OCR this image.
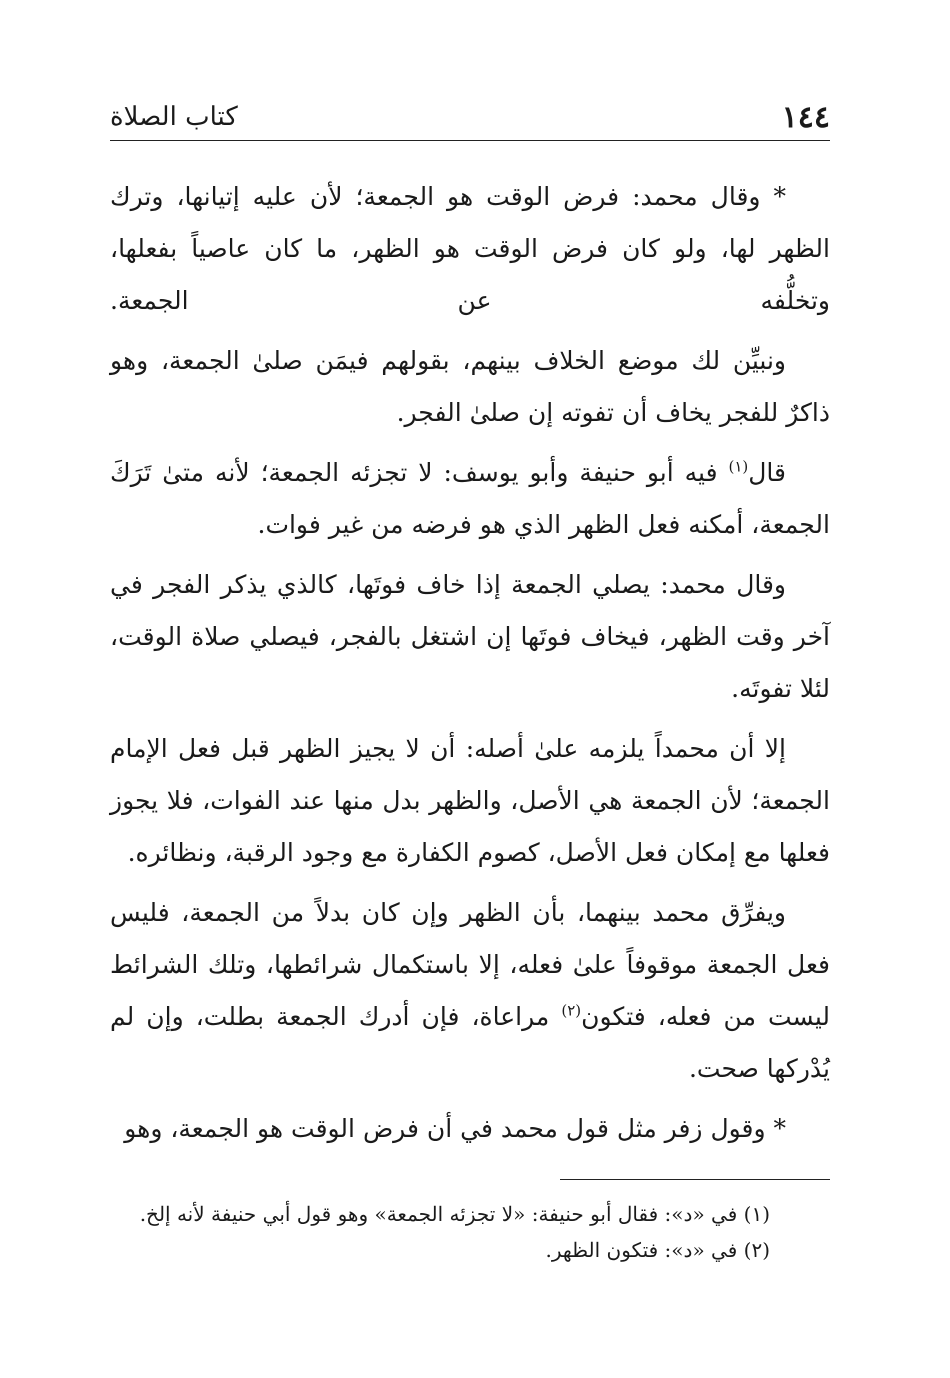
١٤٤
كتاب الصلاة

* وقال محمد: فرض الوقت هو الجمعة؛ لأن عليه إتيانها، وترك الظهر لها، ولو كان فرض الوقت هو الظهر، ما كان عاصياً بفعلها، وتخلُّفه عن الجمعة.

ونبيِّن لك موضع الخلاف بينهم، بقولهم فيمَن صلىٰ الجمعة، وهو ذاكرٌ للفجر يخاف أن تفوته إن صلىٰ الفجر.

قال$^{(١)}$ فيه أبو حنيفة وأبو يوسف: لا تجزئه الجمعة؛ لأنه متىٰ تَرَكَ الجمعة، أمكنه فعل الظهر الذي هو فرضه من غير فوات.

وقال محمد: يصلي الجمعة إذا خاف فوتَها، كالذي يذكر الفجر في آخر وقت الظهر، فيخاف فوتَها إن اشتغل بالفجر، فيصلي صلاة الوقت، لئلا تفوتَه.

إلا أن محمداً يلزمه علىٰ أصله: أن لا يجيز الظهر قبل فعل الإمام الجمعة؛ لأن الجمعة هي الأصل، والظهر بدل منها عند الفوات، فلا يجوز فعلها مع إمكان فعل الأصل، كصوم الكفارة مع وجود الرقبة، ونظائره.

ويفرِّق محمد بينهما، بأن الظهر وإن كان بدلاً من الجمعة، فليس فعل الجمعة موقوفاً علىٰ فعله، إلا باستكمال شرائطها، وتلك الشرائط ليست من فعله، فتكون$^{(٢)}$ مراعاة، فإن أدرك الجمعة بطلت، وإن لم يُدْركها صحت.

* وقول زفر مثل قول محمد في أن فرض الوقت هو الجمعة، وهو

(١) في «د»: فقال أبو حنيفة: «لا تجزئه الجمعة» وهو قول أبي حنيفة لأنه إلخ.

(٢) في «د»: فتكون الظهر.
